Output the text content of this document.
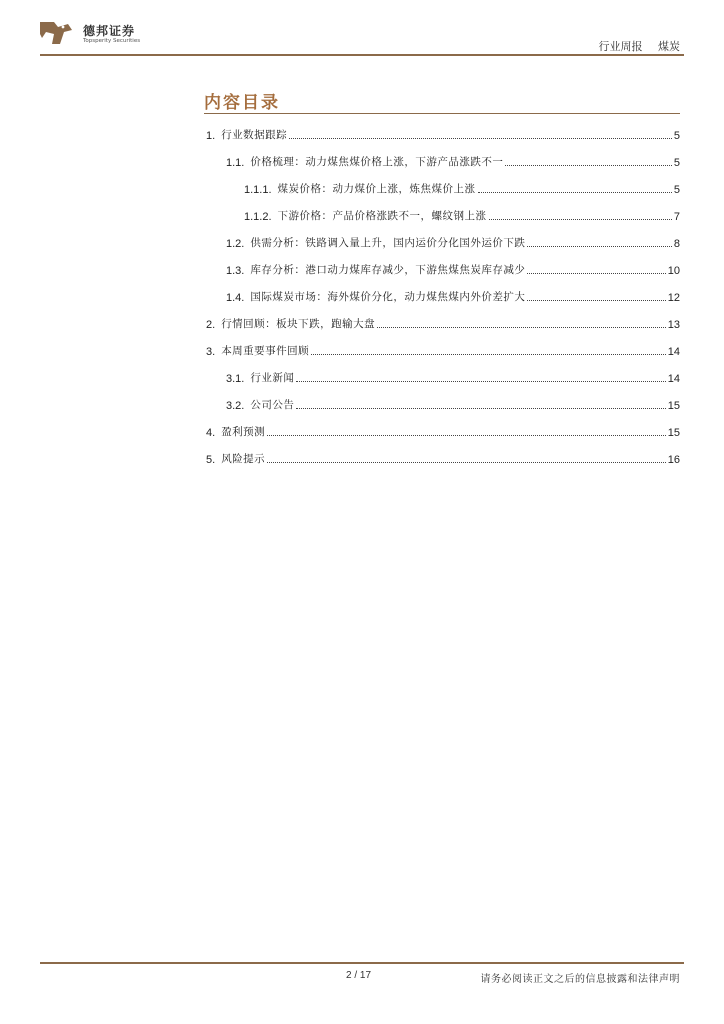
德邦证券
Topsperity Securities	行业周报 煤炭
内容目录
1. 行业数据跟踪	5
1.1. 价格梳理：动力煤焦煤价格上涨，下游产品涨跌不一	5
1.1.1. 煤炭价格：动力煤价上涨，炼焦煤价上涨	5
1.1.2. 下游价格：产品价格涨跌不一，螺纹钢上涨	7
1.2. 供需分析：铁路调入量上升，国内运价分化国外运价下跌	8
1.3. 库存分析：港口动力煤库存减少，下游焦煤焦炭库存减少	10
1.4. 国际煤炭市场：海外煤价分化，动力煤焦煤内外价差扩大	12
2. 行情回顾：板块下跌，跑输大盘	13
3. 本周重要事件回顾	14
3.1. 行业新闻	14
3.2. 公司公告	15
4. 盈利预测	15
5. 风险提示	16
2 / 17	请务必阅读正文之后的信息披露和法律声明
